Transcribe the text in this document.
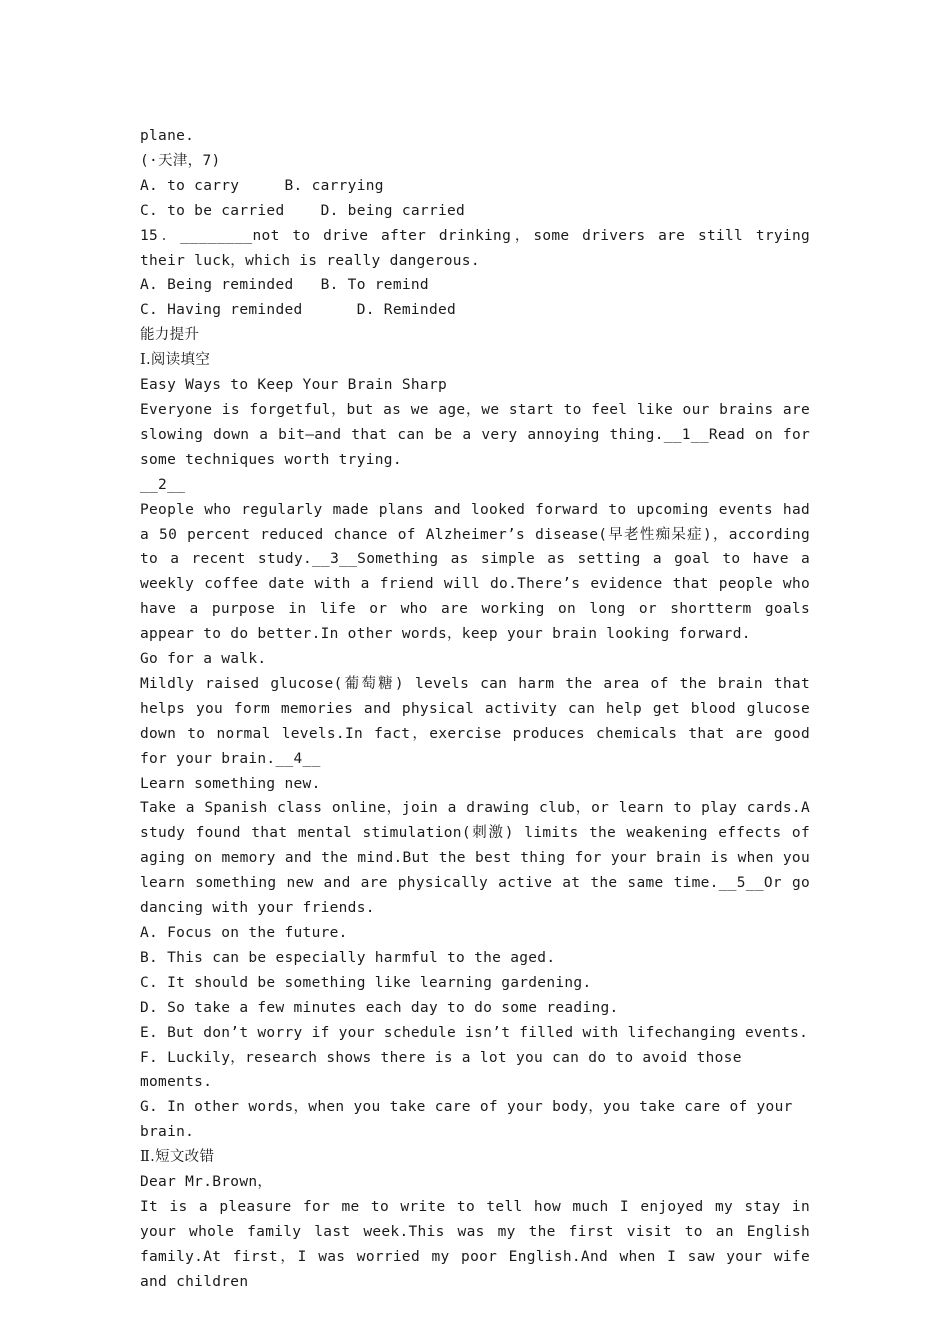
plane.
(·天津，7)
A. to carry     B. carrying
C. to be carried    D. being carried
15．________not to drive after drinking，some drivers are still trying their luck，which is really dangerous.
A. Being reminded   B. To remind
C. Having reminded      D. Reminded
能力提升
Ⅰ.阅读填空
Easy Ways to Keep Your Brain Sharp
Everyone is forgetful，but as we age，we start to feel like our brains are slowing down a bit—and that can be a very annoying thing.__1__Read on for some techniques worth trying.
__2__
People who regularly made plans and looked forward to upcoming events had a 50 percent reduced chance of Alzheimer’s disease(早老性痴呆症)，according to a recent study.__3__Something as simple as setting a goal to have a weekly coffee date with a friend will do.There’s evidence that people who have a purpose in life or who are working on long or shortterm goals appear to do better.In other words，keep your brain looking forward.
Go for a walk.
Mildly raised glucose(葡萄糖) levels can harm the area of the brain that helps you form memories and physical activity can help get blood glucose down to normal levels.In fact，exercise produces chemicals that are good for your brain.__4__
Learn something new.
Take a Spanish class online，join a drawing club，or learn to play cards.A study found that mental stimulation(刺激) limits the weakening effects of aging on memory and the mind.But the best thing for your brain is when you learn something new and are physically active at the same time.__5__Or go dancing with your friends.
A. Focus on the future.
B. This can be especially harmful to the aged.
C. It should be something like learning gardening.
D. So take a few minutes each day to do some reading.
E. But don’t worry if your schedule isn’t filled with lifechanging events.
F. Luckily，research shows there is a lot you can do to avoid those moments.
G. In other words，when you take care of your body，you take care of your brain.
Ⅱ.短文改错
Dear Mr.Brown，
It is a pleasure for me to write to tell how much I enjoyed my stay in your whole family last week.This was my the first visit to an English family.At first，I was worried my poor English.And when I saw your wife and children
